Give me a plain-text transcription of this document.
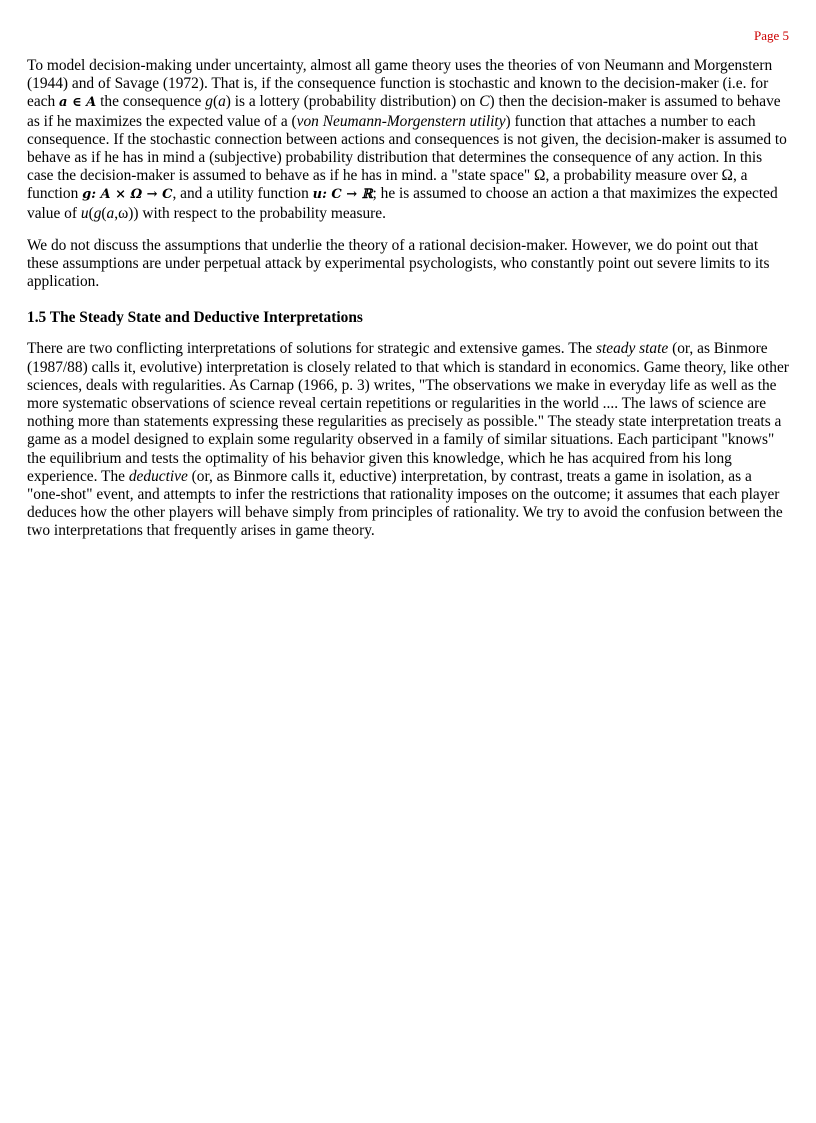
Page 5

To model decision-making under uncertainty, almost all game theory uses the theories of von Neumann and Morgenstern (1944) and of Savage (1972). That is, if the consequence function is stochastic and known to the decision-maker (i.e. for each a ∈ A the consequence g(a) is a lottery (probability distribution) on C) then the decision-maker is assumed to behave as if he maximizes the expected value of a (von Neumann-Morgenstern utility) function that attaches a number to each consequence. If the stochastic connection between actions and consequences is not given, the decision-maker is assumed to behave as if he has in mind a (subjective) probability distribution that determines the consequence of any action. In this case the decision-maker is assumed to behave as if he has in mind. a "state space" Ω, a probability measure over Ω, a function g: A × Ω → C, and a utility function u: C → ℝ; he is assumed to choose an action a that maximizes the expected value of u(g(a,ω)) with respect to the probability measure.

We do not discuss the assumptions that underlie the theory of a rational decision-maker. However, we do point out that these assumptions are under perpetual attack by experimental psychologists, who constantly point out severe limits to its application.

1.5 The Steady State and Deductive Interpretations

There are two conflicting interpretations of solutions for strategic and extensive games. The steady state (or, as Binmore (1987/88) calls it, evolutive) interpretation is closely related to that which is standard in economics. Game theory, like other sciences, deals with regularities. As Carnap (1966, p. 3) writes, "The observations we make in everyday life as well as the more systematic observations of science reveal certain repetitions or regularities in the world .... The laws of science are nothing more than statements expressing these regularities as precisely as possible." The steady state interpretation treats a game as a model designed to explain some regularity observed in a family of similar situations. Each participant "knows" the equilibrium and tests the optimality of his behavior given this knowledge, which he has acquired from his long experience. The deductive (or, as Binmore calls it, eductive) interpretation, by contrast, treats a game in isolation, as a "one-shot" event, and attempts to infer the restrictions that rationality imposes on the outcome; it assumes that each player deduces how the other players will behave simply from principles of rationality. We try to avoid the confusion between the two interpretations that frequently arises in game theory.
